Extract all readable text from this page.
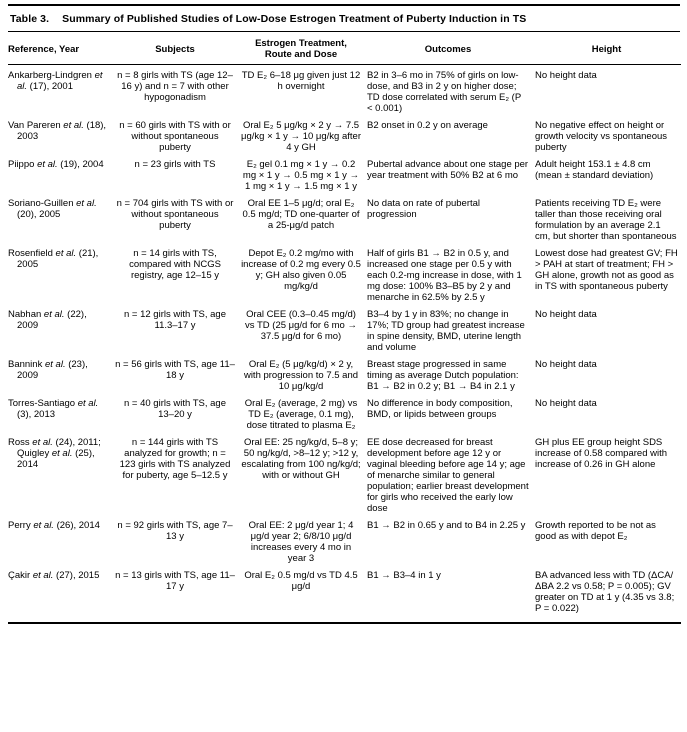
Table 3. Summary of Published Studies of Low-Dose Estrogen Treatment of Puberty Induction in TS
Reference, Year	Subjects	Estrogen Treatment, Route and Dose	Outcomes	Height
Ankarberg-Lindgren et al. (17), 2001	n = 8 girls with TS (age 12–16 y) and n = 7 with other hypogonadism	TD E₂ 6–18 μg given just 12 h overnight	B2 in 3–6 mo in 75% of girls on low-dose, and B3 in 2 y on higher dose; TD dose correlated with serum E₂ (P < 0.001)	No height data
Van Pareren et al. (18), 2003	n = 60 girls with TS with or without spontaneous puberty	Oral E₂ 5 μg/kg × 2 y → 7.5 μg/kg × 1 y → 10 μg/kg after 4 y GH	B2 onset in 0.2 y on average	No negative effect on height or growth velocity vs spontaneous puberty
Piippo et al. (19), 2004	n = 23 girls with TS	E₂ gel 0.1 mg × 1 y → 0.2 mg × 1 y → 0.5 mg × 1 y → 1 mg × 1 y → 1.5 mg × 1 y	Pubertal advance about one stage per year treatment with 50% B2 at 6 mo	Adult height 153.1 ± 4.8 cm (mean ± standard deviation)
Soriano-Guillen et al. (20), 2005	n = 704 girls with TS with or without spontaneous puberty	Oral EE 1–5 μg/d; oral E₂ 0.5 mg/d; TD one-quarter of a 25-μg/d patch	No data on rate of pubertal progression	Patients receiving TD E₂ were taller than those receiving oral formulation by an average 2.1 cm, but shorter than spontaneous
Rosenfield et al. (21), 2005	n = 14 girls with TS, compared with NCGS registry, age 12–15 y	Depot E₂ 0.2 mg/mo with increase of 0.2 mg every 0.5 y; GH also given 0.05 mg/kg/d	Half of girls B1 → B2 in 0.5 y, and increased one stage per 0.5 y with each 0.2-mg increase in dose, with 1 mg dose: 100% B3–B5 by 2 y and menarche in 62.5% by 2.5 y	Lowest dose had greatest GV; FH > PAH at start of treatment; FH > GH alone, growth not as good as in TS with spontaneous puberty
Nabhan et al. (22), 2009	n = 12 girls with TS, age 11.3–17 y	Oral CEE (0.3–0.45 mg/d) vs TD (25 μg/d for 6 mo → 37.5 μg/d for 6 mo)	B3–4 by 1 y in 83%; no change in 17%; TD group had greatest increase in spine density, BMD, uterine length and volume	No height data
Bannink et al. (23), 2009	n = 56 girls with TS, age 11–18 y	Oral E₂ (5 μg/kg/d) × 2 y, with progression to 7.5 and 10 μg/kg/d	Breast stage progressed in same timing as average Dutch population: B1 → B2 in 0.2 y; B1 → B4 in 2.1 y	No height data
Torres-Santiago et al. (3), 2013	n = 40 girls with TS, age 13–20 y	Oral E₂ (average, 2 mg) vs TD E₂ (average, 0.1 mg), dose titrated to plasma E₂	No difference in body composition, BMD, or lipids between groups	No height data
Ross et al. (24), 2011; Quigley et al. (25), 2014	n = 144 girls with TS analyzed for growth; n = 123 girls with TS analyzed for puberty, age 5–12.5 y	Oral EE: 25 ng/kg/d, 5–8 y; 50 ng/kg/d, >8–12 y; >12 y, escalating from 100 ng/kg/d; with or without GH	EE dose decreased for breast development before age 12 y or vaginal bleeding before age 14 y; age of menarche similar to general population; earlier breast development for girls who received the early low dose	GH plus EE group height SDS increase of 0.58 compared with increase of 0.26 in GH alone
Perry et al. (26), 2014	n = 92 girls with TS, age 7–13 y	Oral EE: 2 μg/d year 1; 4 μg/d year 2; 6/8/10 μg/d increases every 4 mo in year 3	B1 → B2 in 0.65 y and to B4 in 2.25 y	Growth reported to be not as good as with depot E₂
Çakir et al. (27), 2015	n = 13 girls with TS, age 11–17 y	Oral E₂ 0.5 mg/d vs TD 4.5 μg/d	B1 → B3–4 in 1 y	BA advanced less with TD (ΔCA/ΔBA 2.2 vs 0.58; P = 0.005); GV greater on TD at 1 y (4.35 vs 3.8; P = 0.022)
